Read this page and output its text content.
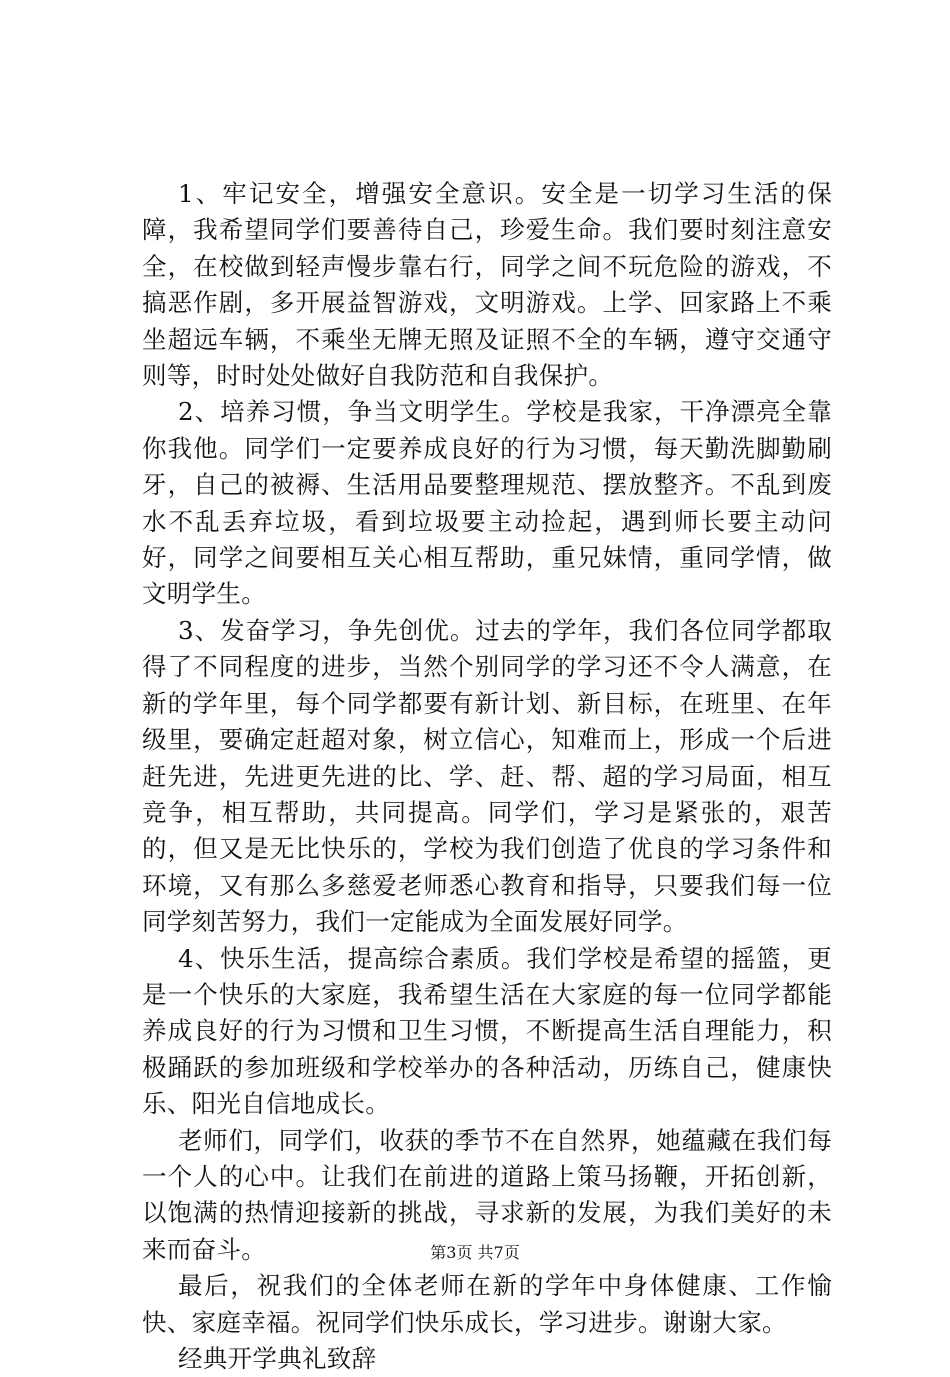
1、牢记安全，增强安全意识。安全是一切学习生活的保障，我希望同学们要善待自己，珍爱生命。我们要时刻注意安全，在校做到轻声慢步靠右行，同学之间不玩危险的游戏，不搞恶作剧，多开展益智游戏，文明游戏。上学、回家路上不乘坐超远车辆，不乘坐无牌无照及证照不全的车辆，遵守交通守则等，时时处处做好自我防范和自我保护。

2、培养习惯，争当文明学生。学校是我家，干净漂亮全靠你我他。同学们一定要养成良好的行为习惯，每天勤洗脚勤刷牙，自己的被褥、生活用品要整理规范、摆放整齐。不乱到废水不乱丢弃垃圾，看到垃圾要主动捡起，遇到师长要主动问好，同学之间要相互关心相互帮助，重兄妹情，重同学情，做文明学生。

3、发奋学习，争先创优。过去的学年，我们各位同学都取得了不同程度的进步，当然个别同学的学习还不令人满意，在新的学年里，每个同学都要有新计划、新目标，在班里、在年级里，要确定赶超对象，树立信心，知难而上，形成一个后进赶先进，先进更先进的比、学、赶、帮、超的学习局面，相互竞争，相互帮助，共同提高。同学们，学习是紧张的，艰苦的，但又是无比快乐的，学校为我们创造了优良的学习条件和环境，又有那么多慈爱老师悉心教育和指导，只要我们每一位同学刻苦努力，我们一定能成为全面发展好同学。

4、快乐生活，提高综合素质。我们学校是希望的摇篮，更是一个快乐的大家庭，我希望生活在大家庭的每一位同学都能养成良好的行为习惯和卫生习惯，不断提高生活自理能力，积极踊跃的参加班级和学校举办的各种活动，历练自己，健康快乐、阳光自信地成长。

老师们，同学们，收获的季节不在自然界，她蕴藏在我们每一个人的心中。让我们在前进的道路上策马扬鞭，开拓创新，以饱满的热情迎接新的挑战，寻求新的发展，为我们美好的未来而奋斗。

最后，祝我们的全体老师在新的学年中身体健康、工作愉快、家庭幸福。祝同学们快乐成长，学习进步。谢谢大家。

经典开学典礼致辞

第3页 共7页
